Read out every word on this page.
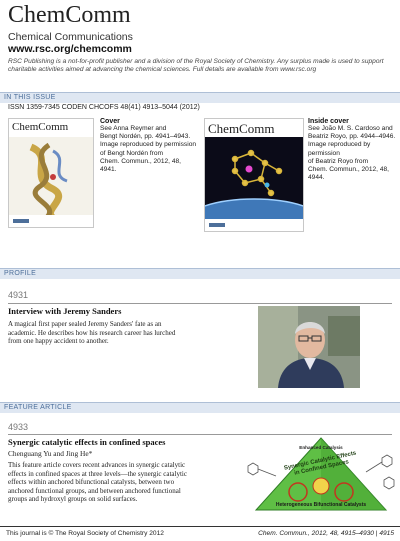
ChemComm
Chemical Communications
www.rsc.org/chemcomm
RSC Publishing is a not-for-profit publisher and a division of the Royal Society of Chemistry. Any surplus made is used to support charitable activities aimed at advancing the chemical sciences. Full details are available from www.rsc.org
IN THIS ISSUE
ISSN 1359-7345 CODEN CHCOFS 48(41) 4913–5044 (2012)
ChemComm	Cover
See Anna Reymer and
Bengt Nordén, pp. 4941–4943.
Image reproduced by permission
of Bengt Nordén from
Chem. Commun., 2012, 48, 4941.
ChemComm	Inside cover
See João M. S. Cardoso and
Beatriz Royo, pp. 4944–4946.
Image reproduced by permission
of Beatriz Royo from
Chem. Commun., 2012, 48, 4944.
PROFILE
4931
Interview with Jeremy Sanders
A magical first paper sealed Jeremy Sanders' fate as an
academic. He describes how his research career has lurched
from one happy accident to another.
FEATURE ARTICLE
4933
Synergic catalytic effects in confined spaces
Chenguang Yu and Jing He*
This feature article covers recent advances in synergic catalytic
effects in confined spaces at three levels—the synergic catalytic
effects within anchored bifunctional catalysts, between two
anchored functional groups, and between anchored functional
groups and hydroxyl groups on solid surfaces.
Enhanced Catalysis
Synergic Catalytic Effects in Confined Spaces
Heterogeneous Bifunctional Catalysts
This journal is © The Royal Society of Chemistry 2012	Chem. Commun., 2012, 48, 4915–4930 | 4915
